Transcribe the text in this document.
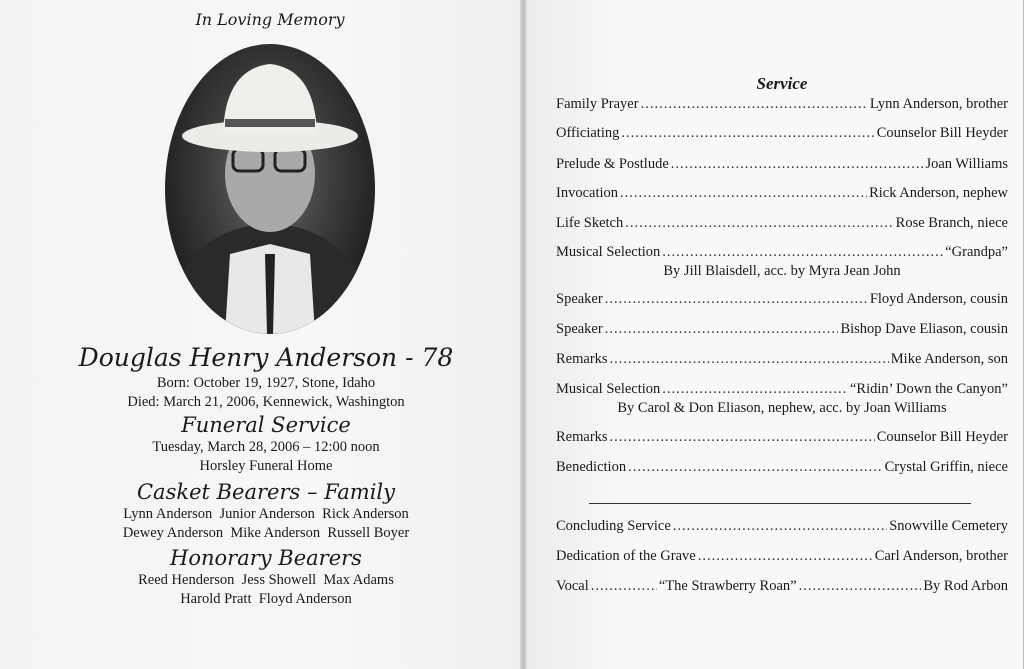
In Loving Memory

Douglas Henry Anderson - 78

Born: October 19, 1927, Stone, Idaho

Died: March 21, 2006, Kennewick, Washington

Funeral Service

Tuesday, March 28, 2006 – 12:00 noon

Horsley Funeral Home

Casket Bearers – Family

Lynn Anderson  Junior Anderson  Rick Anderson

Dewey Anderson  Mike Anderson  Russell Boyer

Honorary Bearers

Reed Henderson  Jess Showell  Max Adams

Harold Pratt  Floyd Anderson

Service
Family Prayer .....	Lynn Anderson, brother
Officiating .....	Counselor Bill Heyder
Prelude & Postlude .....	Joan Williams
Invocation .....	Rick Anderson, nephew
Life Sketch .....	Rose Branch, niece
Musical Selection .....	“Grandpa”
By Jill Blaisdell, acc. by Myra Jean John
Speaker .....	Floyd Anderson, cousin
Speaker .....	Bishop Dave Eliason, cousin
Remarks .....	Mike Anderson, son
Musical Selection .....	“Ridin’ Down the Canyon”
By Carol & Don Eliason, nephew, acc. by Joan Williams
Remarks .....	Counselor Bill Heyder
Benediction .....	Crystal Griffin, niece
Concluding Service .....	Snowville Cemetery
Dedication of the Grave .....	Carl Anderson, brother
Vocal .....	“The Strawberry Roan” .....	By Rod Arbon
